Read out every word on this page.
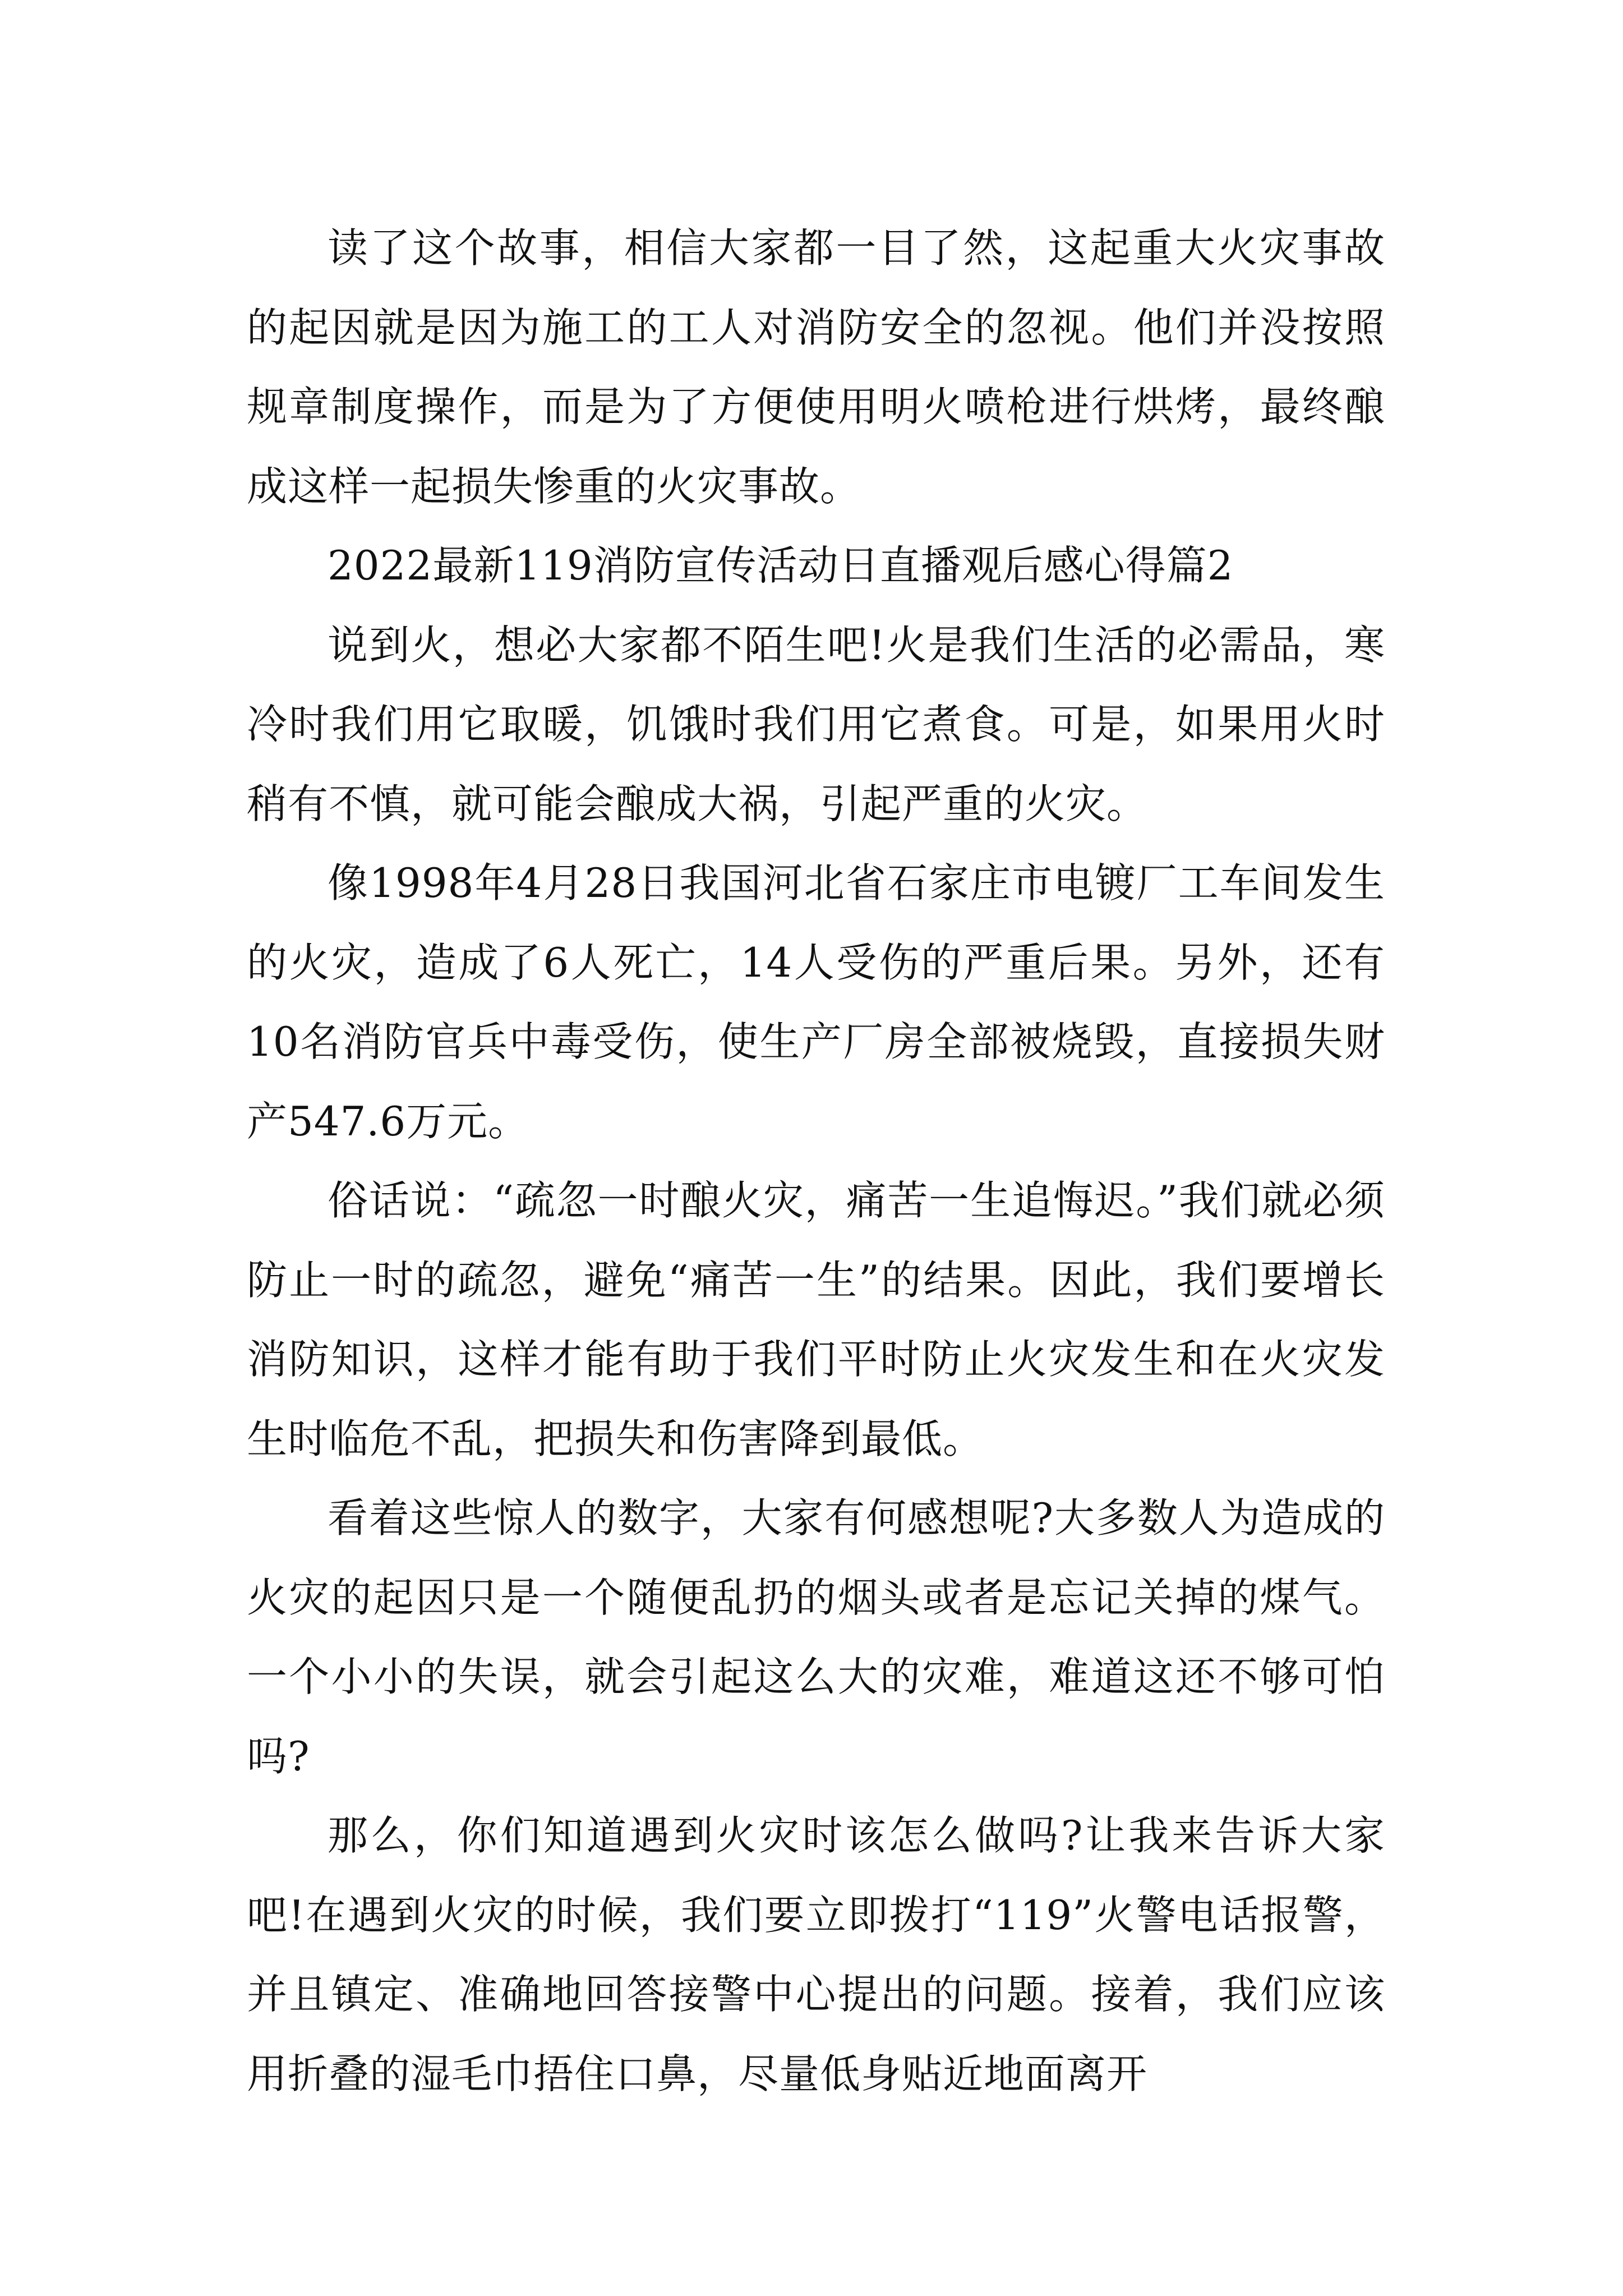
读了这个故事，相信大家都一目了然，这起重大火灾事故的起因就是因为施工的工人对消防安全的忽视。他们并没按照规章制度操作，而是为了方便使用明火喷枪进行烘烤，最终酿成这样一起损失惨重的火灾事故。

2022最新119消防宣传活动日直播观后感心得篇2

说到火，想必大家都不陌生吧!火是我们生活的必需品，寒冷时我们用它取暖，饥饿时我们用它煮食。可是，如果用火时稍有不慎，就可能会酿成大祸，引起严重的火灾。

像1998年4月28日我国河北省石家庄市电镀厂工车间发生的火灾，造成了6人死亡，14人受伤的严重后果。另外，还有10名消防官兵中毒受伤，使生产厂房全部被烧毁，直接损失财产547.6万元。

俗话说：“疏忽一时酿火灾，痛苦一生追悔迟。”我们就必须防止一时的疏忽，避免“痛苦一生”的结果。因此，我们要增长消防知识，这样才能有助于我们平时防止火灾发生和在火灾发生时临危不乱，把损失和伤害降到最低。

看着这些惊人的数字，大家有何感想呢?大多数人为造成的火灾的起因只是一个随便乱扔的烟头或者是忘记关掉的煤气。一个小小的失误，就会引起这么大的灾难，难道这还不够可怕吗?

那么，你们知道遇到火灾时该怎么做吗?让我来告诉大家吧!在遇到火灾的时候，我们要立即拨打“119”火警电话报警，并且镇定、准确地回答接警中心提出的问题。接着，我们应该用折叠的湿毛巾捂住口鼻，尽量低身贴近地面离开
